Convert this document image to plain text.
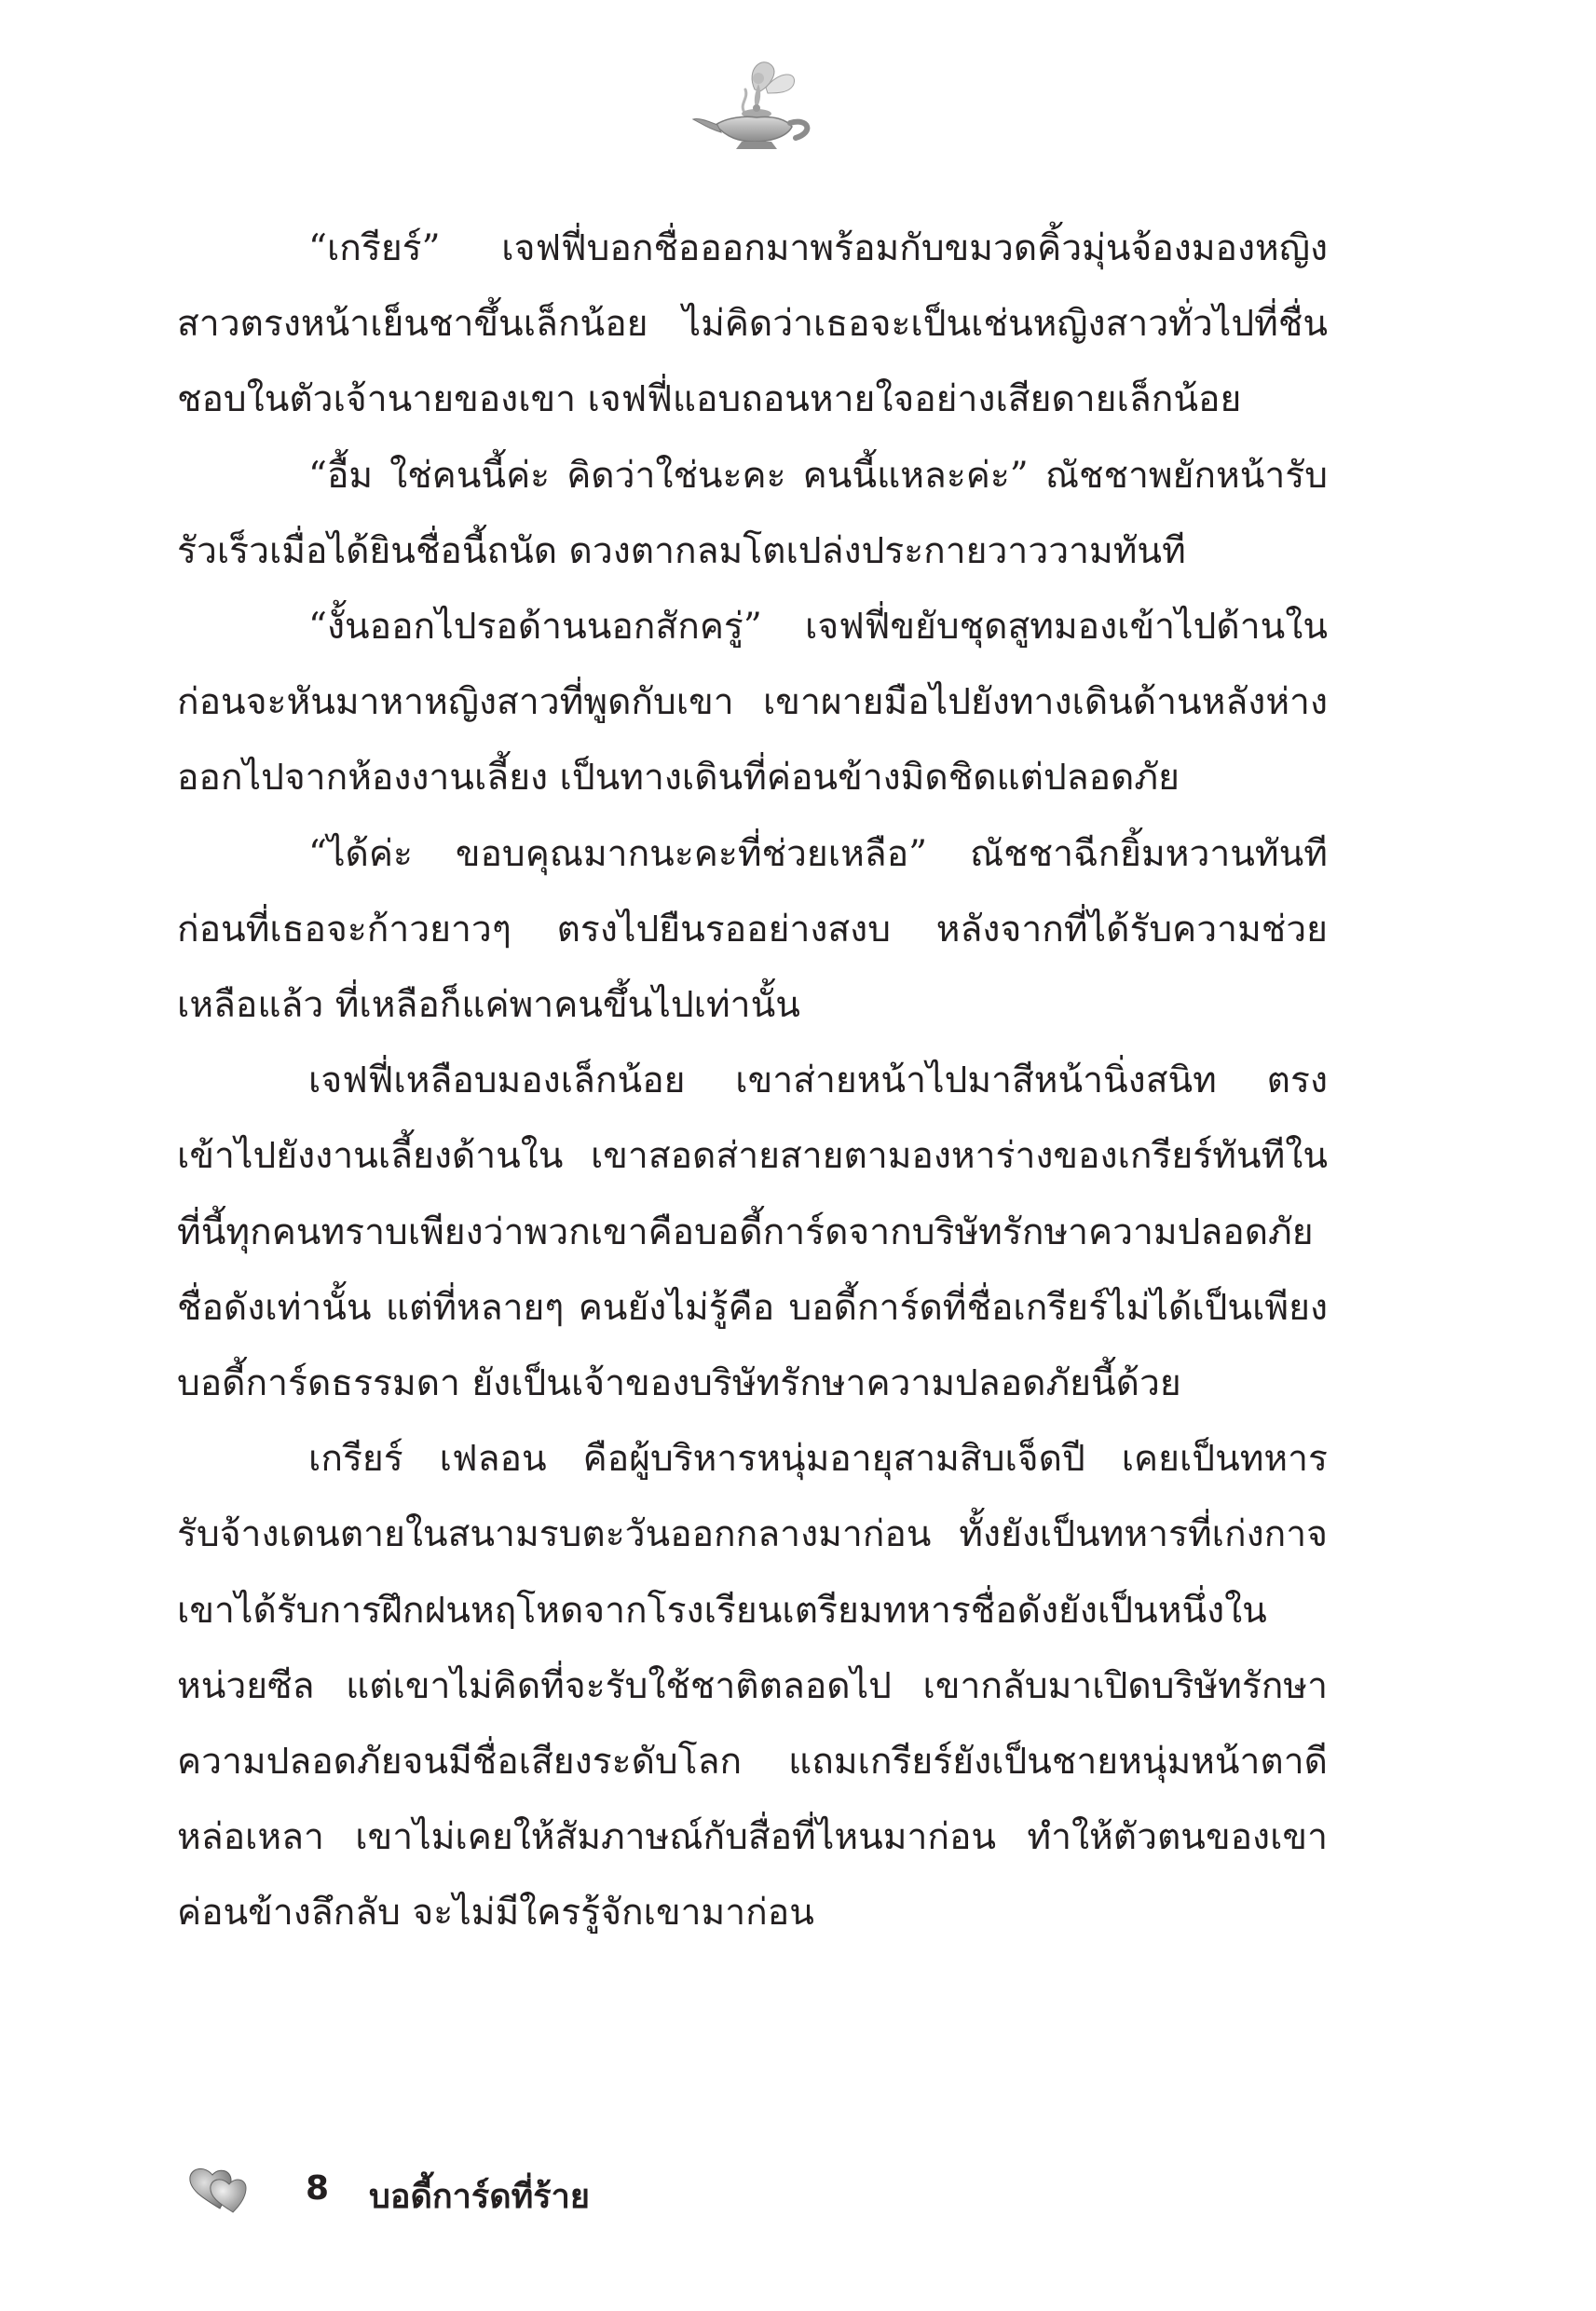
“เกรียร์” เจฟฟี่บอกชื่อออกมาพร้อมกับขมวดคิ้วมุ่นจ้องมองหญิงสาวตรงหน้าเย็นชาขึ้นเล็กน้อย ไม่คิดว่าเธอจะเป็นเช่นหญิงสาวทั่วไปที่ชื่นชอบในตัวเจ้านายของเขา เจฟฟี่แอบถอนหายใจอย่างเสียดายเล็กน้อย

“อื้ม ใช่คนนี้ค่ะ คิดว่าใช่นะคะ คนนี้แหละค่ะ” ณัชชาพยักหน้ารับรัวเร็วเมื่อได้ยินชื่อนี้ถนัด ดวงตากลมโตเปล่งประกายวาววามทันที

“งั้นออกไปรอด้านนอกสักครู่” เจฟฟี่ขยับชุดสูทมองเข้าไปด้านในก่อนจะหันมาหาหญิงสาวที่พูดกับเขา เขาผายมือไปยังทางเดินด้านหลังห่างออกไปจากห้องงานเลี้ยง เป็นทางเดินที่ค่อนข้างมิดชิดแต่ปลอดภัย

“ได้ค่ะ ขอบคุณมากนะคะที่ช่วยเหลือ” ณัชชาฉีกยิ้มหวานทันทีก่อนที่เธอจะก้าวยาวๆ ตรงไปยืนรออย่างสงบ หลังจากที่ได้รับความช่วยเหลือแล้ว ที่เหลือก็แค่พาคนขึ้นไปเท่านั้น

เจฟฟี่เหลือบมองเล็กน้อย เขาส่ายหน้าไปมาสีหน้านิ่งสนิท ตรงเข้าไปยังงานเลี้ยงด้านใน เขาสอดส่ายสายตามองหาร่างของเกรียร์ทันทีในที่นี้ทุกคนทราบเพียงว่าพวกเขาคือบอดี้การ์ดจากบริษัทรักษาความปลอดภัยชื่อดังเท่านั้น แต่ที่หลายๆ คนยังไม่รู้คือ บอดี้การ์ดที่ชื่อเกรียร์ไม่ได้เป็นเพียงบอดี้การ์ดธรรมดา ยังเป็นเจ้าของบริษัทรักษาความปลอดภัยนี้ด้วย

เกรียร์ เฟลอน คือผู้บริหารหนุ่มอายุสามสิบเจ็ดปี เคยเป็นทหารรับจ้างเดนตายในสนามรบตะวันออกกลางมาก่อน ทั้งยังเป็นทหารที่เก่งกาจ เขาได้รับการฝึกฝนหฤโหดจากโรงเรียนเตรียมทหารชื่อดังยังเป็นหนึ่งในหน่วยซีล แต่เขาไม่คิดที่จะรับใช้ชาติตลอดไป เขากลับมาเปิดบริษัทรักษาความปลอดภัยจนมีชื่อเสียงระดับโลก แถมเกรียร์ยังเป็นชายหนุ่มหน้าตาดีหล่อเหลา เขาไม่เคยให้สัมภาษณ์กับสื่อที่ไหนมาก่อน ทำให้ตัวตนของเขาค่อนข้างลึกลับ จะไม่มีใครรู้จักเขามาก่อน

8 บอดี้การ์ดที่ร้าย
